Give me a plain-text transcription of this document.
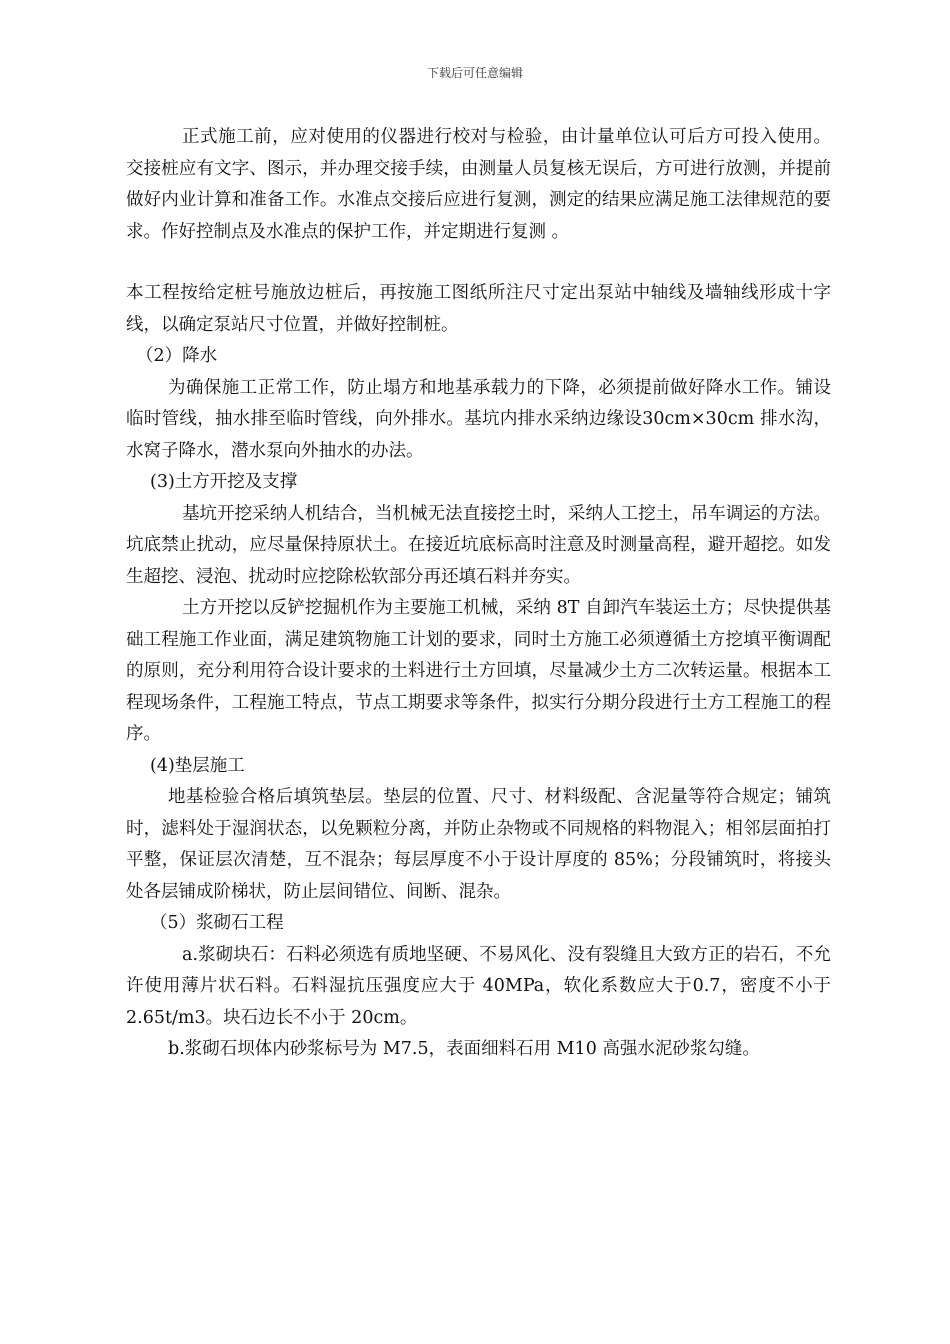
下载后可任意编辑

正式施工前，应对使用的仪器进行校对与检验，由计量单位认可后方可投入使用。 交接桩应有文字、图示，并办理交接手续，由测量人员复核无误后，方可进行放测，并提前做好内业计算和准备工作。水准点交接后应进行复测，测定的结果应满足施工法律规范的要求。作好控制点及水准点的保护工作，并定期进行复测 。

本工程按给定桩号施放边桩后，再按施工图纸所注尺寸定出泵站中轴线及墙轴线形成十字线，以确定泵站尺寸位置，并做好控制桩。

（2）降水

为确保施工正常工作，防止塌方和地基承载力的下降，必须提前做好降水工作。铺设临时管线，抽水排至临时管线，向外排水。基坑内排水采纳边缘设30cm×30cm 排水沟，水窝子降水，潜水泵向外抽水的办法。

(3)土方开挖及支撑

基坑开挖采纳人机结合，当机械无法直接挖土时，采纳人工挖土，吊车调运的方法。坑底禁止扰动，应尽量保持原状土。在接近坑底标高时注意及时测量高程，避开超挖。如发生超挖、浸泡、扰动时应挖除松软部分再还填石料并夯实。

土方开挖以反铲挖掘机作为主要施工机械，采纳 8T 自卸汽车装运土方；尽快提供基础工程施工作业面，满足建筑物施工计划的要求，同时土方施工必须遵循土方挖填平衡调配的原则，充分利用符合设计要求的土料进行土方回填，尽量减少土方二次转运量。根据本工程现场条件，工程施工特点，节点工期要求等条件，拟实行分期分段进行土方工程施工的程序。

(4)垫层施工

地基检验合格后填筑垫层。垫层的位置、尺寸、材料级配、含泥量等符合规定；铺筑时，滤料处于湿润状态，以免颗粒分离，并防止杂物或不同规格的料物混入；相邻层面拍打平整，保证层次清楚，互不混杂；每层厚度不小于设计厚度的 85%；分段铺筑时，将接头处各层铺成阶梯状，防止层间错位、间断、混杂。

（5）浆砌石工程

a.浆砌块石：石料必须选有质地坚硬、不易风化、没有裂缝且大致方正的岩石，不允许使用薄片状石料。石料湿抗压强度应大于 40MPa，软化系数应大于0.7，密度不小于 2.65t/m3。块石边长不小于 20cm。

b.浆砌石坝体内砂浆标号为 M7.5，表面细料石用 M10 高强水泥砂浆勾缝。
